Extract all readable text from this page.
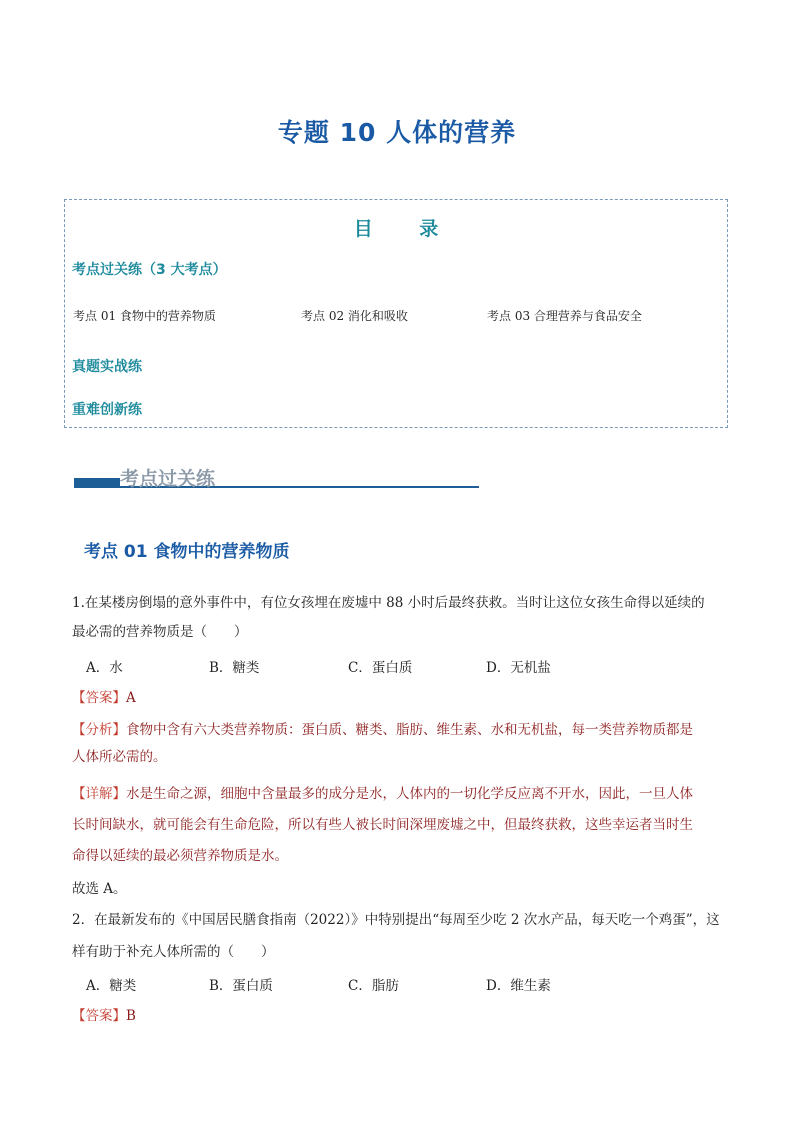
专题 10 人体的营养
目 录
考点过关练（3 大考点）
考点 01 食物中的营养物质	考点 02 消化和吸收	考点 03 合理营养与食品安全
真题实战练
重难创新练
考点过关练
考点 01 食物中的营养物质
1.在某楼房倒塌的意外事件中，有位女孩埋在废墟中 88 小时后最终获救。当时让这位女孩生命得以延续的
最必需的营养物质是（　　）
A．水	B．糖类	C．蛋白质	D．无机盐
【答案】A
【分析】食物中含有六大类营养物质：蛋白质、糖类、脂肪、维生素、水和无机盐，每一类营养物质都是
人体所必需的。
【详解】水是生命之源，细胞中含量最多的成分是水，人体内的一切化学反应离不开水，因此，一旦人体
长时间缺水，就可能会有生命危险，所以有些人被长时间深埋废墟之中，但最终获救，这些幸运者当时生
命得以延续的最必须营养物质是水。
故选 A。
2．在最新发布的《中国居民膳食指南（2022）》中特别提出“每周至少吃 2 次水产品，每天吃一个鸡蛋”，这
样有助于补充人体所需的（　　）
A．糖类	B．蛋白质	C．脂肪	D．维生素
【答案】B
